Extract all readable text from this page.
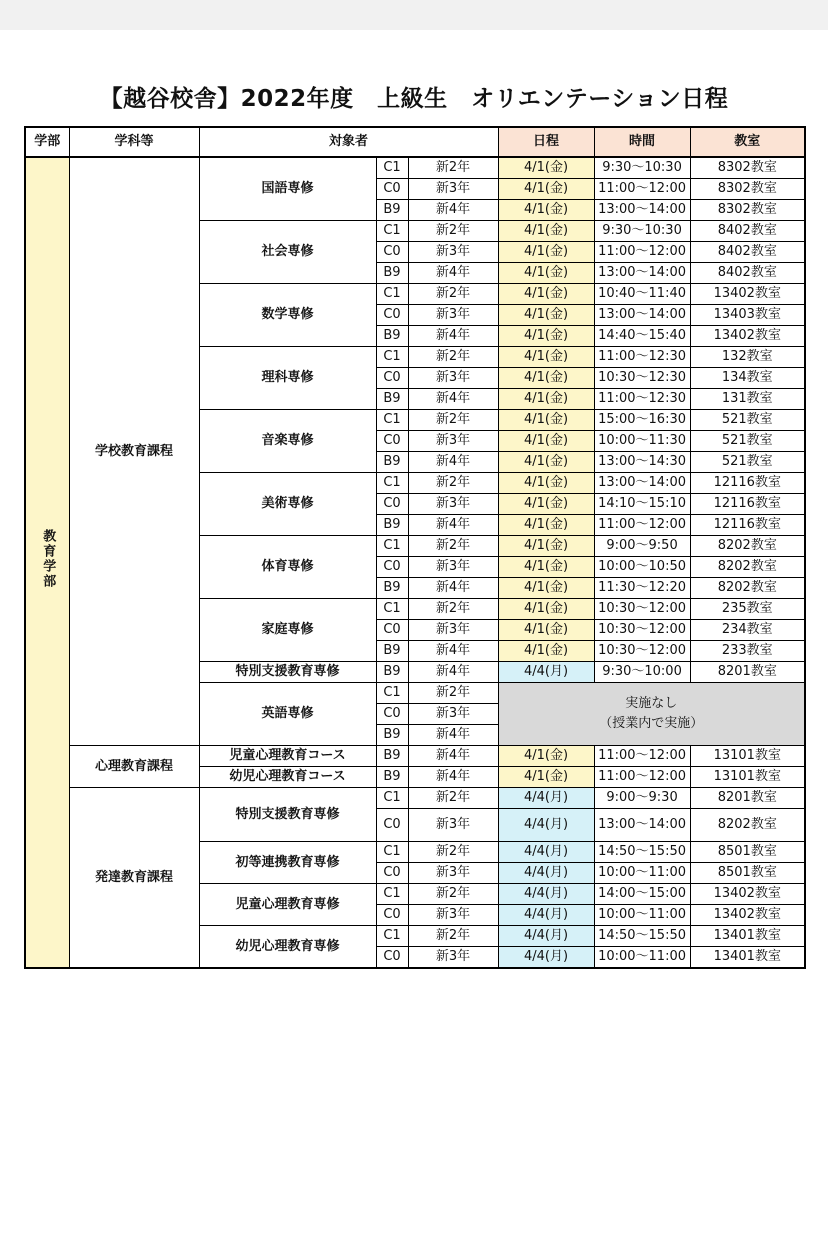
【越谷校舎】2022年度　上級生　オリエンテーション日程
学部	学科等	対象者			日程	時間	教室
教育学部	学校教育課程	国語専修	C1	新2年	4/1(金)	9:30〜10:30	8302教室
			C0	新3年	4/1(金)	11:00〜12:00	8302教室
			B9	新4年	4/1(金)	13:00〜14:00	8302教室
		社会専修	C1	新2年	4/1(金)	9:30〜10:30	8402教室
			C0	新3年	4/1(金)	11:00〜12:00	8402教室
			B9	新4年	4/1(金)	13:00〜14:00	8402教室
		数学専修	C1	新2年	4/1(金)	10:40〜11:40	13402教室
			C0	新3年	4/1(金)	13:00〜14:00	13403教室
			B9	新4年	4/1(金)	14:40〜15:40	13402教室
		理科専修	C1	新2年	4/1(金)	11:00〜12:30	132教室
			C0	新3年	4/1(金)	10:30〜12:30	134教室
			B9	新4年	4/1(金)	11:00〜12:30	131教室
		音楽専修	C1	新2年	4/1(金)	15:00〜16:30	521教室
			C0	新3年	4/1(金)	10:00〜11:30	521教室
			B9	新4年	4/1(金)	13:00〜14:30	521教室
		美術専修	C1	新2年	4/1(金)	13:00〜14:00	12116教室
			C0	新3年	4/1(金)	14:10〜15:10	12116教室
			B9	新4年	4/1(金)	11:00〜12:00	12116教室
		体育専修	C1	新2年	4/1(金)	9:00〜9:50	8202教室
			C0	新3年	4/1(金)	10:00〜10:50	8202教室
			B9	新4年	4/1(金)	11:30〜12:20	8202教室
		家庭専修	C1	新2年	4/1(金)	10:30〜12:00	235教室
			C0	新3年	4/1(金)	10:30〜12:00	234教室
			B9	新4年	4/1(金)	10:30〜12:00	233教室
		特別支援教育専修	B9	新4年	4/4(月)	9:30〜10:00	8201教室
		英語専修	C1	新2年	実施なし
（授業内で実施）		
			C0	新3年			
			B9	新4年			
	心理教育課程	児童心理教育コース	B9	新4年	4/1(金)	11:00〜12:00	13101教室
		幼児心理教育コース	B9	新4年	4/1(金)	11:00〜12:00	13101教室
	発達教育課程	特別支援教育専修	C1	新2年	4/4(月)	9:00〜9:30	8201教室
			C0	新3年	4/4(月)	13:00〜14:00	8202教室
		初等連携教育専修	C1	新2年	4/4(月)	14:50〜15:50	8501教室
			C0	新3年	4/4(月)	10:00〜11:00	8501教室
		児童心理教育専修	C1	新2年	4/4(月)	14:00〜15:00	13402教室
			C0	新3年	4/4(月)	10:00〜11:00	13402教室
		幼児心理教育専修	C1	新2年	4/4(月)	14:50〜15:50	13401教室
			C0	新3年	4/4(月)	10:00〜11:00	13401教室
